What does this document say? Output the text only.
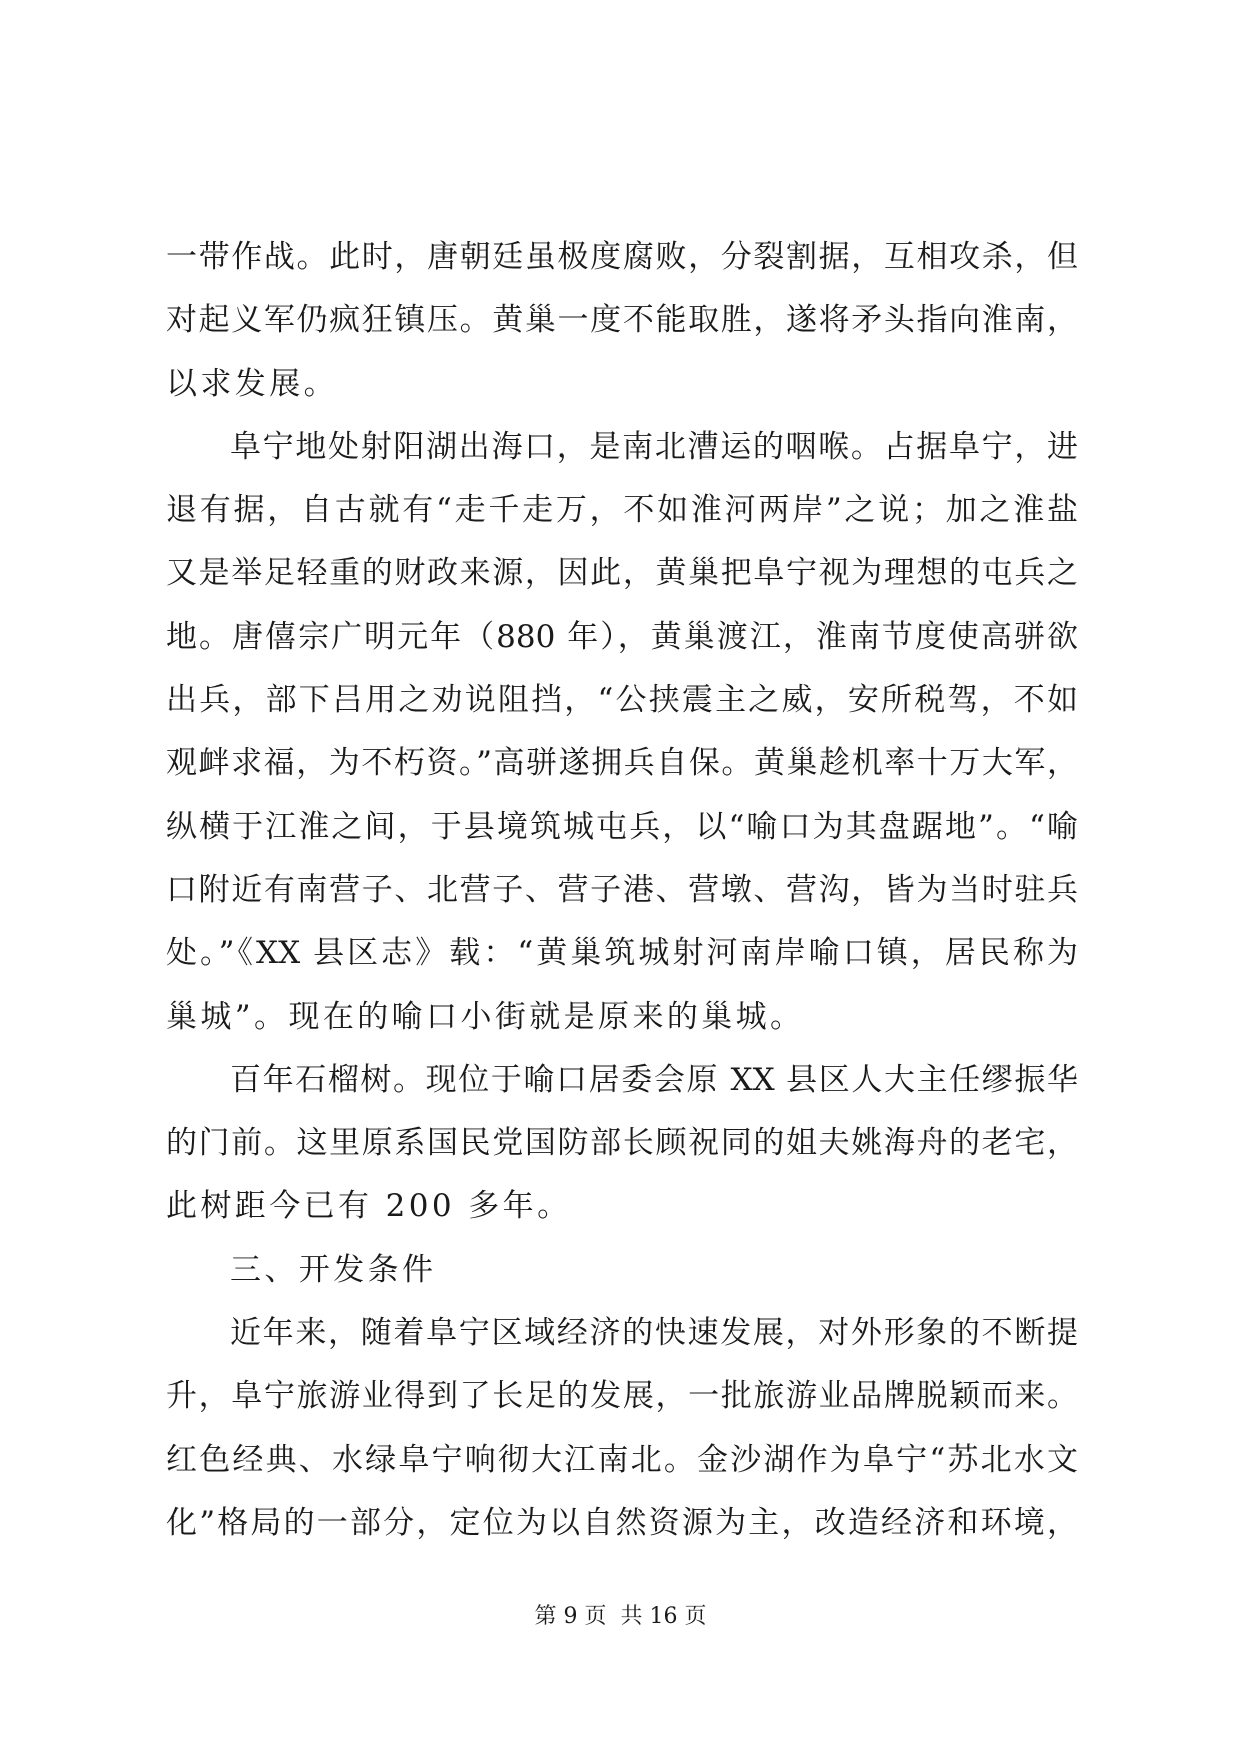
一带作战。此时，唐朝廷虽极度腐败，分裂割据，互相攻杀，但
对起义军仍疯狂镇压。黄巢一度不能取胜，遂将矛头指向淮南，
以求发展。
阜宁地处射阳湖出海口，是南北漕运的咽喉。占据阜宁，进
退有据，自古就有“走千走万，不如淮河两岸”之说；加之淮盐
又是举足轻重的财政来源，因此，黄巢把阜宁视为理想的屯兵之
地。唐僖宗广明元年（880 年），黄巢渡江，淮南节度使高骈欲
出兵，部下吕用之劝说阻挡，“公挟震主之威，安所税驾，不如
观衅求福，为不朽资。”高骈遂拥兵自保。黄巢趁机率十万大军，
纵横于江淮之间，于县境筑城屯兵，以“喻口为其盘踞地”。“喻
口附近有南营子、北营子、营子港、营墩、营沟，皆为当时驻兵
处。”《XX 县区志》载：“黄巢筑城射河南岸喻口镇，居民称为
巢城”。现在的喻口小街就是原来的巢城。
百年石榴树。现位于喻口居委会原 XX 县区人大主任缪振华
的门前。这里原系国民党国防部长顾祝同的姐夫姚海舟的老宅，
此树距今已有 200 多年。
三、开发条件
近年来，随着阜宁区域经济的快速发展，对外形象的不断提
升，阜宁旅游业得到了长足的发展，一批旅游业品牌脱颖而来。
红色经典、水绿阜宁响彻大江南北。金沙湖作为阜宁“苏北水文
化”格局的一部分，定位为以自然资源为主，改造经济和环境，
第 9 页  共 16 页
